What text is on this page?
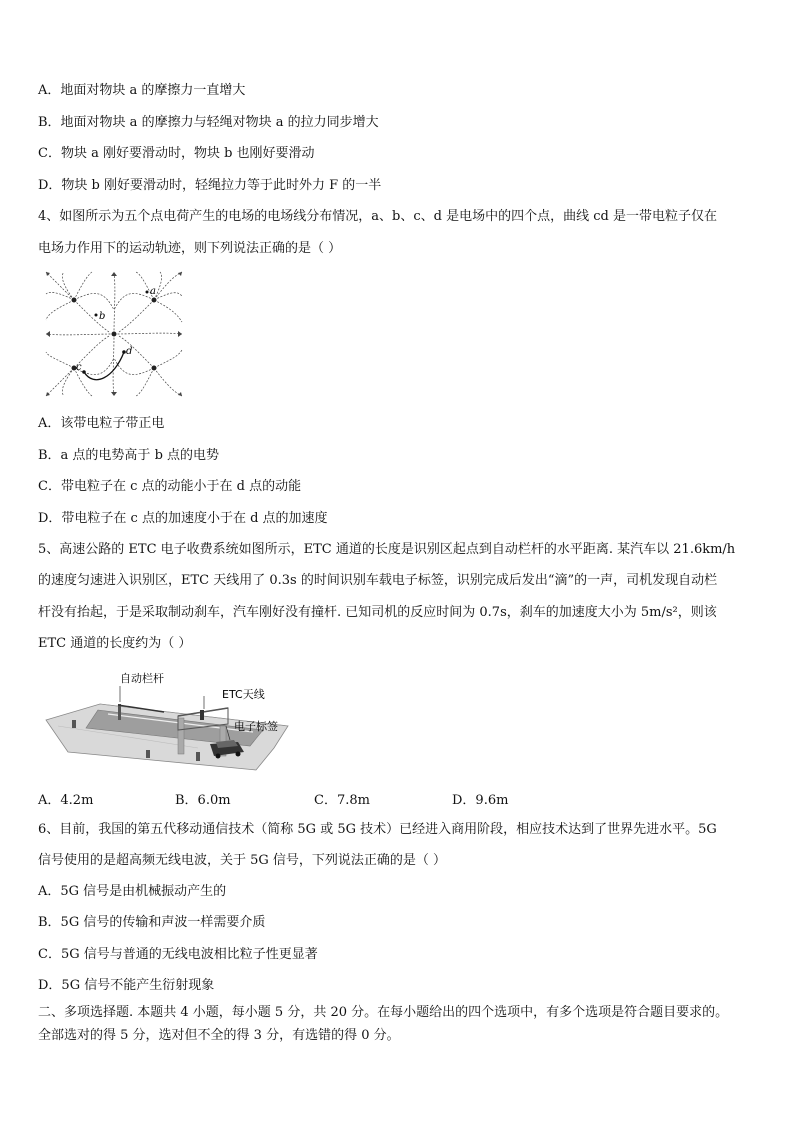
A．地面对物块 a 的摩擦力一直增大
B．地面对物块 a 的摩擦力与轻绳对物块 a 的拉力同步增大
C．物块 a 刚好要滑动时，物块 b 也刚好要滑动
D．物块 b 刚好要滑动时，轻绳拉力等于此时外力 F 的一半
4、如图所示为五个点电荷产生的电场的电场线分布情况，a、b、c、d 是电场中的四个点，曲线 cd 是一带电粒子仅在
电场力作用下的运动轨迹，则下列说法正确的是（ ）
a
b
c
d
A．该带电粒子带正电
B．a 点的电势高于 b 点的电势
C．带电粒子在 c 点的动能小于在 d 点的动能
D．带电粒子在 c 点的加速度小于在 d 点的加速度
5、高速公路的 ETC 电子收费系统如图所示，ETC 通道的长度是识别区起点到自动栏杆的水平距离. 某汽车以 21.6km/h
的速度匀速进入识别区，ETC 天线用了 0.3s 的时间识别车载电子标签，识别完成后发出“滴”的一声，司机发现自动栏
杆没有抬起，于是采取制动刹车，汽车刚好没有撞杆. 已知司机的反应时间为 0.7s，刹车的加速度大小为 5m/s²，则该
ETC 通道的长度约为（ ）
自动栏杆
ETC天线
电子标签
A．4.2m	B．6.0m	C．7.8m	D．9.6m
6、目前，我国的第五代移动通信技术（简称 5G 或 5G 技术）已经进入商用阶段，相应技术达到了世界先进水平。5G
信号使用的是超高频无线电波，关于 5G 信号，下列说法正确的是（ ）
A．5G 信号是由机械振动产生的
B．5G 信号的传输和声波一样需要介质
C．5G 信号与普通的无线电波相比粒子性更显著
D．5G 信号不能产生衍射现象
二、多项选择题. 本题共 4 小题，每小题 5 分，共 20 分。在每小题给出的四个选项中，有多个选项是符合题目要求的。
全部选对的得 5 分，选对但不全的得 3 分，有选错的得 0 分。
